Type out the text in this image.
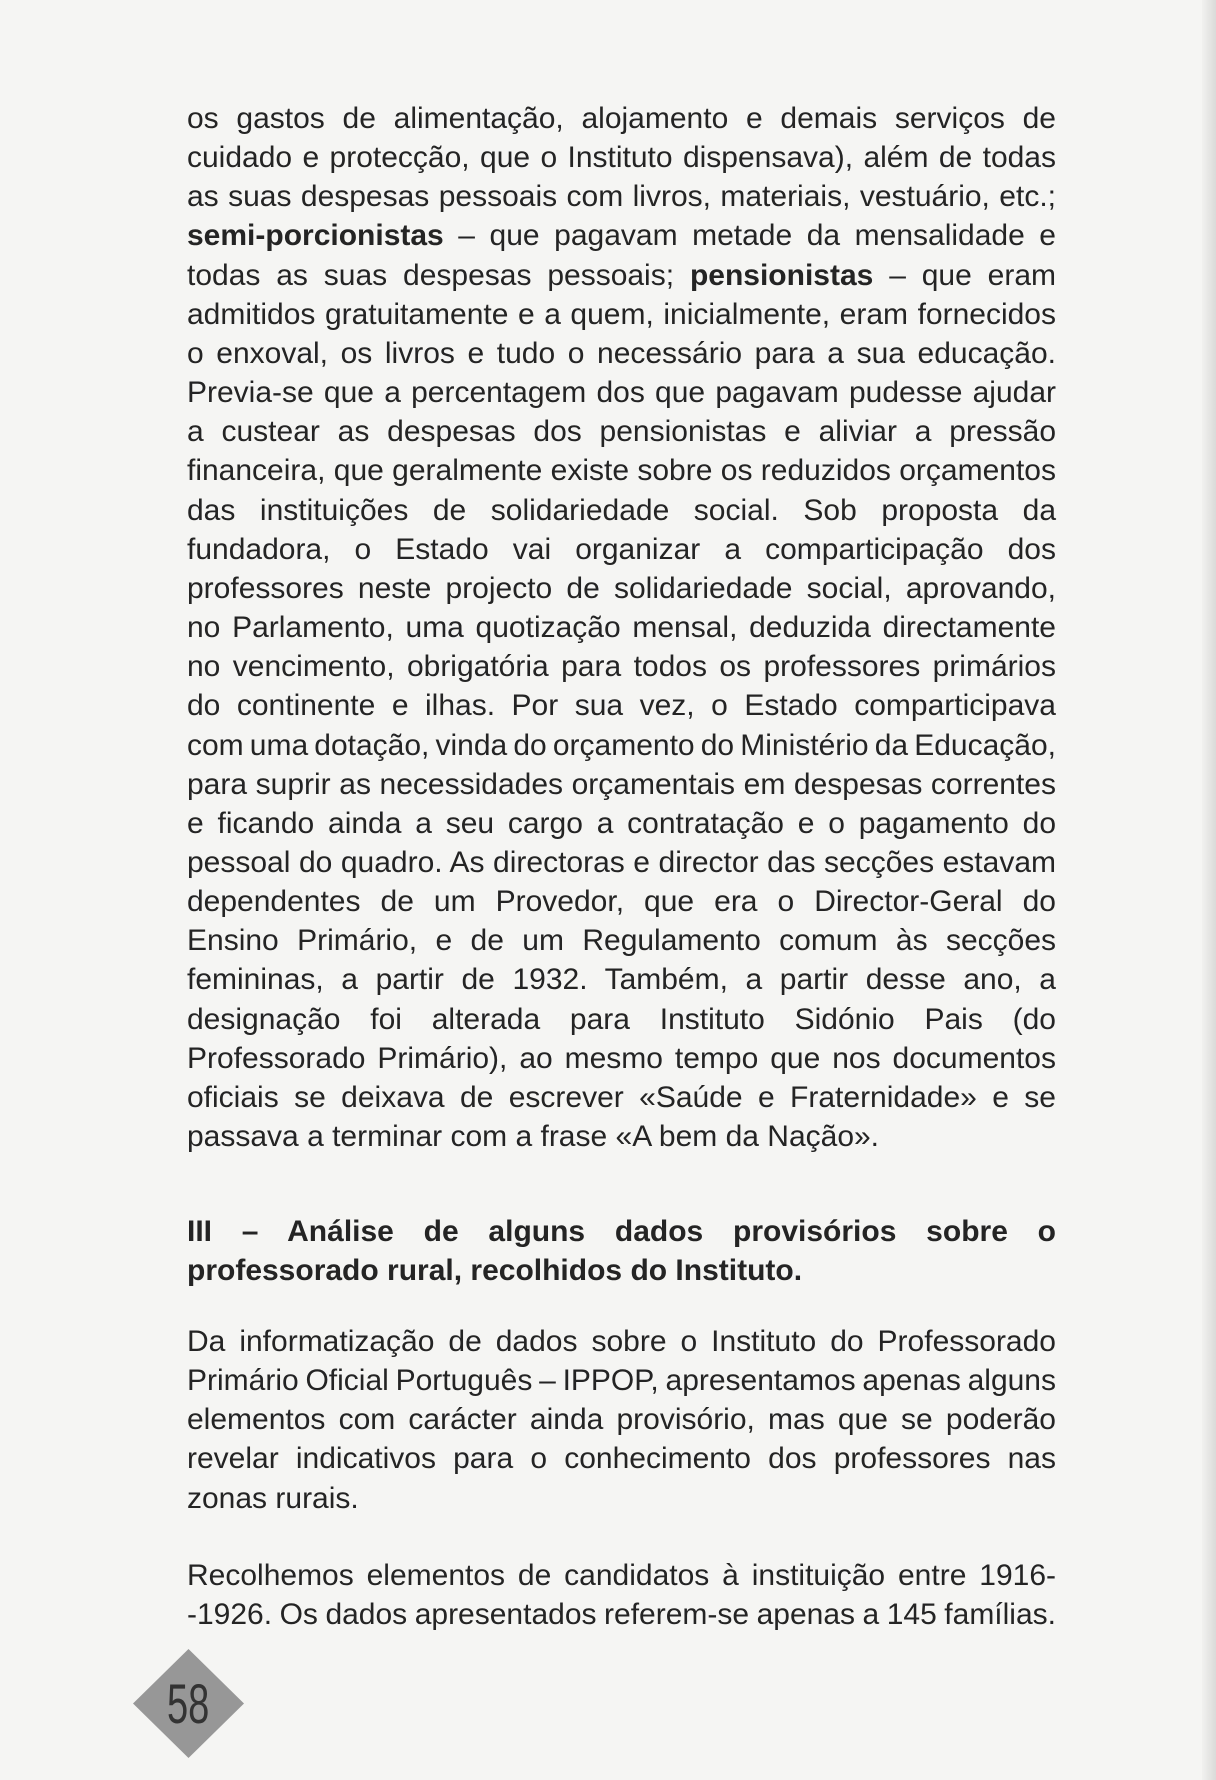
os gastos de alimentação, alojamento e demais serviços de
cuidado e protecção, que o Instituto dispensava), além de todas
as suas despesas pessoais com livros, materiais, vestuário, etc.;
semi-porcionistas – que pagavam metade da mensalidade e
todas as suas despesas pessoais; pensionistas – que eram
admitidos gratuitamente e a quem, inicialmente, eram fornecidos
o enxoval, os livros e tudo o necessário para a sua educação.
Previa-se que a percentagem dos que pagavam pudesse ajudar
a custear as despesas dos pensionistas e aliviar a pressão
financeira, que geralmente existe sobre os reduzidos orçamentos
das instituições de solidariedade social. Sob proposta da
fundadora, o Estado vai organizar a comparticipação dos
professores neste projecto de solidariedade social, aprovando,
no Parlamento, uma quotização mensal, deduzida directamente
no vencimento, obrigatória para todos os professores primários
do continente e ilhas. Por sua vez, o Estado comparticipava
com uma dotação, vinda do orçamento do Ministério da Educação,
para suprir as necessidades orçamentais em despesas correntes
e ficando ainda a seu cargo a contratação e o pagamento do
pessoal do quadro. As directoras e director das secções estavam
dependentes de um Provedor, que era o Director-Geral do
Ensino Primário, e de um Regulamento comum às secções
femininas, a partir de 1932. Também, a partir desse ano, a
designação foi alterada para Instituto Sidónio Pais (do
Professorado Primário), ao mesmo tempo que nos documentos
oficiais se deixava de escrever «Saúde e Fraternidade» e se
passava a terminar com a frase «A bem da Nação».
III – Análise de alguns dados provisórios sobre o
professorado rural, recolhidos do Instituto.
Da informatização de dados sobre o Instituto do Professorado
Primário Oficial Português – IPPOP, apresentamos apenas alguns
elementos com carácter ainda provisório, mas que se poderão
revelar indicativos para o conhecimento dos professores nas
zonas rurais.
Recolhemos elementos de candidatos à instituição entre 1916-
-1926. Os dados apresentados referem-se apenas a 145 famílias.
58
